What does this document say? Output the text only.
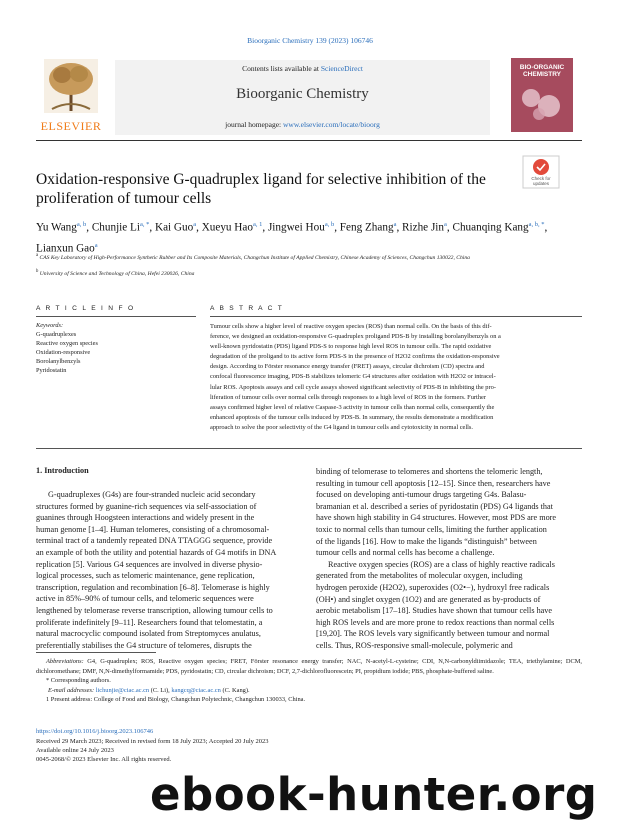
Bioorganic Chemistry 139 (2023) 106746
ELSEVIER
Contents lists available at ScienceDirect
Bioorganic Chemistry
journal homepage: www.elsevier.com/locate/bioorg
BIO-ORGANIC CHEMISTRY
Oxidation-responsive G-quadruplex ligand for selective inhibition of the
proliferation of tumour cells
Check for updates
Yu Wang$^{a, b}$, Chunjie $Li^{a, *}$, Kai Guo$^a$, Xueyu Hao$^{a, 1}$, Jingwei Hou$^{a, b}$, Feng Zhang$^a$, Rizhe Jin$^a$, Chuanqing Kang$^{a, b, *}$, Lianxun Gao$^a$
$^a$ CAS Key Laboratory of High-Performance Synthetic Rubber and Its Composite Materials, Changchun Institute of Applied Chemistry, Chinese Academy of Sciences, Changchun 130022, China
$^b$ University of Science and Technology of China, Hefei 230026, China
A R T I C L E I N F O	A B S T R A C T
Keywords:
G-quadruplexes
Reactive oxygen species
Oxidation-responsive
Borolanylbenzyls
Pyridostatin
Tumour cells show a higher level of reactive oxygen species (ROS) than normal cells. On the basis of this dif-
ference, we designed an oxidation-responsive G-quadruplex proligand PDS-B by installing borolanylbenzyls on a
well-known pyridostatin (PDS) ligand PDS-S to response high level ROS in tumour cells. The rapid oxidative
degradation of the proligand to its active form PDS-S in the presence of H2O2 confirms the oxidation-responsive
design. According to Förster resonance energy transfer (FRET) assays, circular dichroism (CD) spectra and
confocal fluorescence imaging, PDS-B stabilizes telomeric G4 structures after oxidation with H2O2 or intracel-
lular ROS. Apoptosis assays and cell cycle assays showed significant selectivity of PDS-B in inhibiting the pro-
liferation of tumour cells over normal cells through responses to a high level of ROS in the formers. Further
assays confirmed higher level of relative Caspase-3 activity in tumour cells than normal cells, consequently the
enhanced apoptosis of the tumour cells induced by PDS-B. In summary, the results demonstrate a modification
approach to solve the poor selectivity of the G4 ligand in tumour cells and cytotoxicity in normal cells.
1. Introduction
G-quadruplexes (G4s) are four-stranded nucleic acid secondary
structures formed by guanine-rich sequences via self-association of
guanines through Hoogsteen interactions and widely present in the
human genome [1–4]. Human telomeres, consisting of a chromosomal-
terminal tract of a tandemly repeated DNA TTAGGG sequence, provide
an example of both the utility and potential hazards of G4 motifs in DNA
replication [5]. Various G4 sequences are involved in diverse physio-
logical processes, such as telomeric maintenance, gene replication,
transcription, regulation and recombination [6–8]. Telomerase is highly
active in 85%–90% of tumour cells, and telomeric sequences were
lengthened by telomerase reverse transcription, allowing tumour cells to
proliferate indefinitely [9–11]. Researchers found that telomestatin, a
natural macrocyclic compound isolated from Streptomyces anulatus,
preferentially stabilises the G4 structure of telomeres, disrupts the
binding of telomerase to telomeres and shortens the telomeric length,
resulting in tumour cell apoptosis [12–15]. Since then, researchers have
focused on developing anti-tumour drugs targeting G4s. Balasu-
bramanian et al. described a series of pyridostatin (PDS) G4 ligands that
have shown high stability in G4 structures. However, most PDS are more
toxic to normal cells than tumour cells, limiting the further application
of the ligands [16]. How to make the ligands “distinguish” between
tumour cells and normal cells has become a challenge.
Reactive oxygen species (ROS) are a class of highly reactive radicals
generated from the metabolites of molecular oxygen, including
hydrogen peroxide (H2O2), superoxides (O2•−), hydroxyl free radicals
(OH•) and singlet oxygen (1O2) and are generated as by-products of
aerobic metabolism [17–18]. Studies have shown that tumour cells have
high ROS levels and are more prone to redox reactions than normal cells
[19,20]. The ROS levels vary significantly between tumour and normal
cells. Thus, ROS-responsive small-molecule, polymeric and
Abbreviations: G4, G-quadruplex; ROS, Reactive oxygen species; FRET, Förster resonance energy transfer; NAC, N-acetyl-L-cysteine; CDI, N,N-carbonyldiimidazole; TEA, triethylamine; DCM, dichloromethane; DMF, N,N-dimethylformamide; PDS, pyridostatin; CD, circular dichroism; DCF, 2,7-dichlorofluorescein; PI, propidium iodide; PBS, phosphate-buffered saline.
* Corresponding authors.
E-mail addresses: lichunjie@ciac.ac.cn (C. Li), kangcq@ciac.ac.cn (C. Kang).
1 Present address: College of Food and Biology, Changchun Polytechnic, Changchun 130033, China.
https://doi.org/10.1016/j.bioorg.2023.106746
Received 29 March 2023; Received in revised form 18 July 2023; Accepted 20 July 2023
Available online 24 July 2023
0045-2068/© 2023 Elsevier Inc. All rights reserved.
ebook-hunter.org
